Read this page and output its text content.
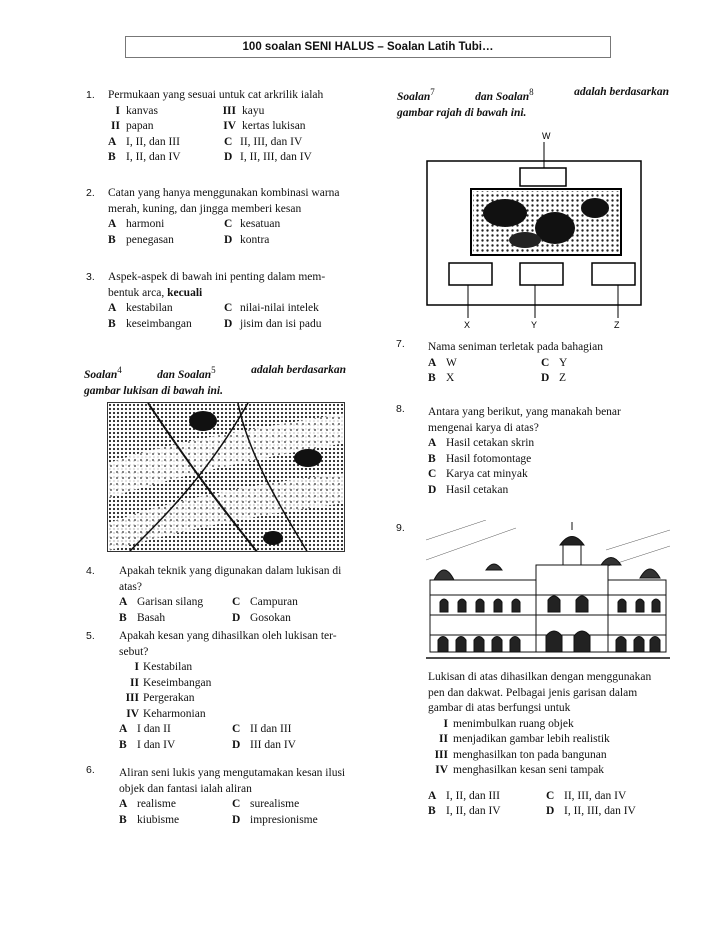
100 soalan SENI HALUS – Soalan Latih Tubi…
1. Permukaan yang sesuai untuk cat arkrilik ialah

I	kanvas	III	kayu
II	papan	IV	kertas lukisan
A	I, II, dan III	C	II, III, dan IV
B	I, II, dan IV	D	I, II, III, dan IV
2. Catan yang hanya menggunakan kombinasi warna

merah, kuning, dan jingga memberi kesan

A	harmoni	C	kesatuan
B	penegasan	D	kontra
3. Aspek-aspek di bawah ini penting dalam mem-

bentuk arca, kecuali

A	kestabilan	C	nilai-nilai intelek
B	keseimbangan	D	jisim dan isi padu
Soalan$^4$	dan Soalan$^5$	adalah berdasarkan
gambar lukisan di bawah ini.
4. Apakah teknik yang digunakan dalam lukisan di

atas?

A	Garisan silang	C	Campuran
B	Basah	D	Gosokan
5. Apakah kesan yang dihasilkan oleh lukisan ter-

sebut?

I	Kestabilan
II	Keseimbangan
III	Pergerakan
IV	Keharmonian
A	I dan II	C	II dan III
B	I dan IV	D	III dan IV
6. Aliran seni lukis yang mengutamakan kesan ilusi

objek dan fantasi ialah aliran

A	realisme	C	surealisme
B	kiubisme	D	impresionisme
Soalan$^7$	dan Soalan$^8$	adalah berdasarkan
gambar rajah di bawah ini.
W
X	Y	Z
7. Nama seniman terletak pada bahagian

A	W	C	Y
B	X	D	Z
8. Antara yang berikut, yang manakah benar

mengenai karya di atas?

A	Hasil cetakan skrin
B	Hasil fotomontage
C	Karya cat minyak
D	Hasil cetakan
9.

Lukisan di atas dihasilkan dengan menggunakan

pen dan dakwat. Pelbagai jenis garisan dalam

gambar di atas berfungsi untuk

I	menimbulkan ruang objek
II	menjadikan gambar lebih realistik
III	menghasilkan ton pada bangunan
IV	menghasilkan kesan seni tampak
A	I, II, dan III	C	II, III, dan IV
B	I, II, dan IV	D	I, II, III, dan IV
